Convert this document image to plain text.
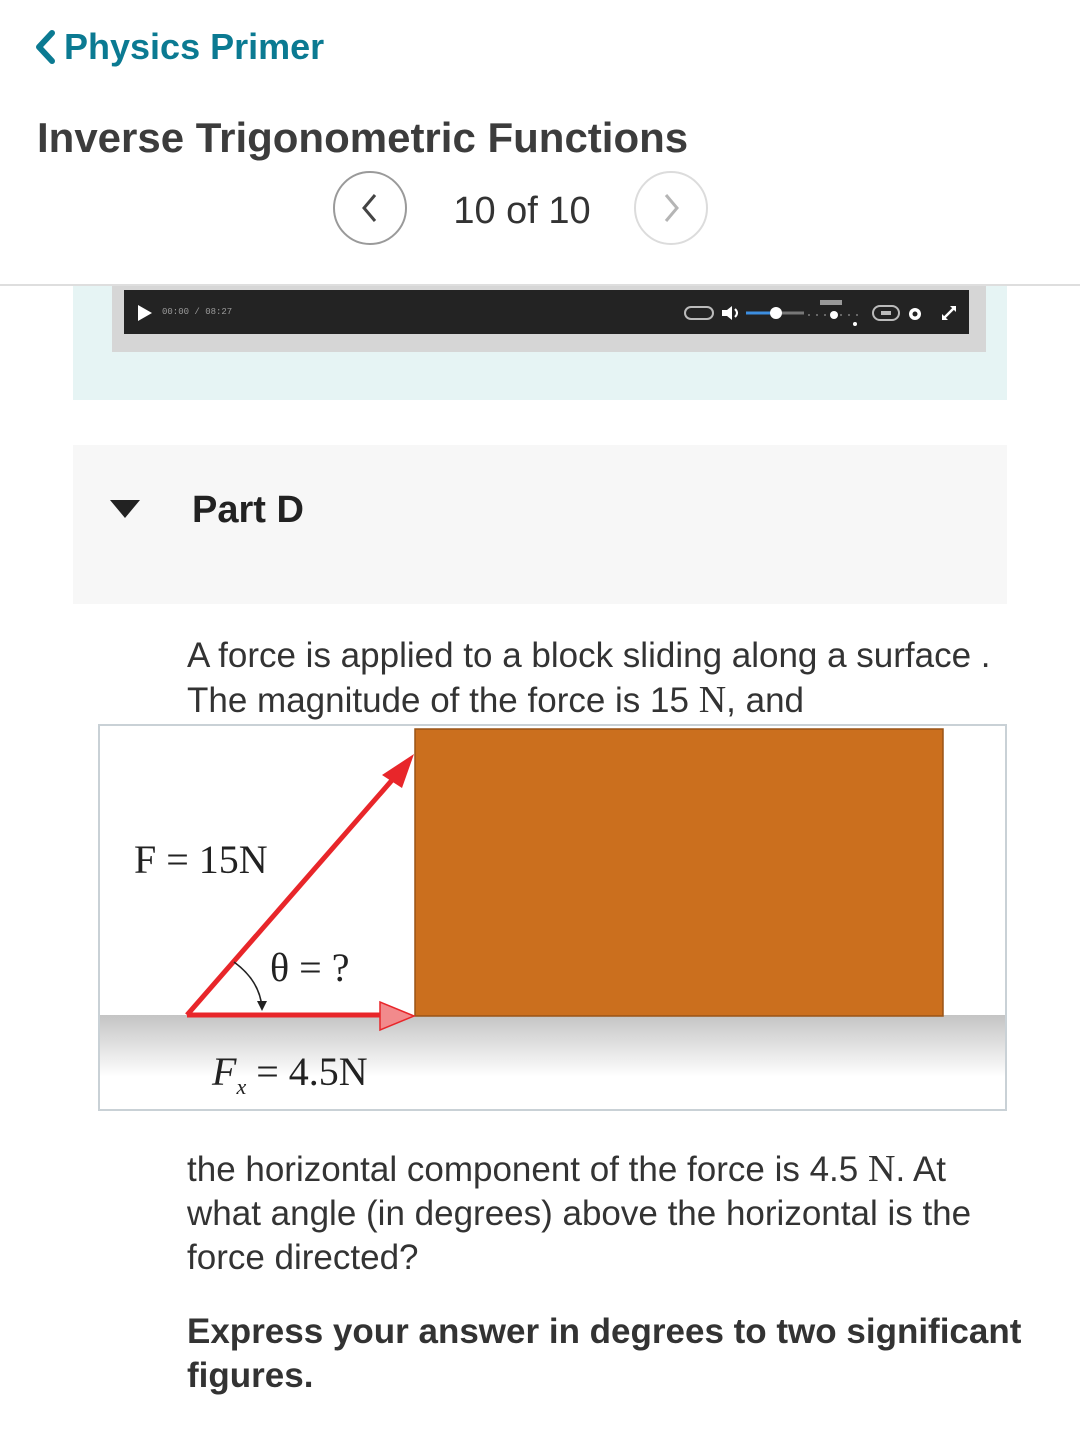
Physics Primer
Inverse Trigonometric Functions
10 of 10
00:00 / 08:27
Part D
A force is applied to a block sliding along a surface . The magnitude of the force is 15 N, and
F = 15N
θ = ?
$F_x = 4.5N$
the horizontal component of the force is 4.5 N. At what angle (in degrees) above the horizontal is the force directed?
Express your answer in degrees to two significant figures.
